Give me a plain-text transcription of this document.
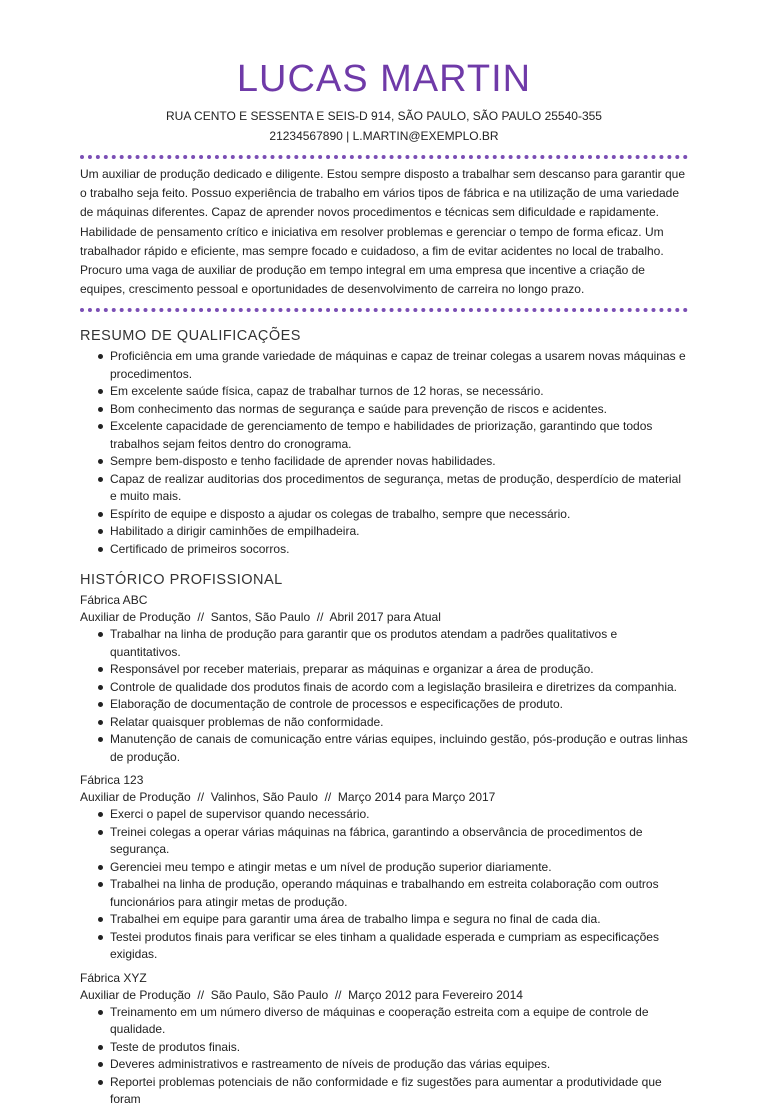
LUCAS MARTIN
RUA CENTO E SESSENTA E SEIS-D 914, SÃO PAULO, SÃO PAULO 25540-355
21234567890 | L.MARTIN@EXEMPLO.BR

Um auxiliar de produção dedicado e diligente. Estou sempre disposto a trabalhar sem descanso para garantir que o trabalho seja feito. Possuo experiência de trabalho em vários tipos de fábrica e na utilização de uma variedade de máquinas diferentes. Capaz de aprender novos procedimentos e técnicas sem dificuldade e rapidamente. Habilidade de pensamento crítico e iniciativa em resolver problemas e gerenciar o tempo de forma eficaz. Um trabalhador rápido e eficiente, mas sempre focado e cuidadoso, a fim de evitar acidentes no local de trabalho. Procuro uma vaga de auxiliar de produção em tempo integral em uma empresa que incentive a criação de equipes, crescimento pessoal e oportunidades de desenvolvimento de carreira no longo prazo.

RESUMO DE QUALIFICAÇÕES
Proficiência em uma grande variedade de máquinas e capaz de treinar colegas a usarem novas máquinas e procedimentos.
Em excelente saúde física, capaz de trabalhar turnos de 12 horas, se necessário.
Bom conhecimento das normas de segurança e saúde para prevenção de riscos e acidentes.
Excelente capacidade de gerenciamento de tempo e habilidades de priorização, garantindo que todos trabalhos sejam feitos dentro do cronograma.
Sempre bem-disposto e tenho facilidade de aprender novas habilidades.
Capaz de realizar auditorias dos procedimentos de segurança, metas de produção, desperdício de material e muito mais.
Espírito de equipe e disposto a ajudar os colegas de trabalho, sempre que necessário.
Habilitado a dirigir caminhões de empilhadeira.
Certificado de primeiros socorros.
HISTÓRICO PROFISSIONAL
Fábrica ABC
Auxiliar de Produção  //  Santos, São Paulo  //  Abril 2017 para Atual
Trabalhar na linha de produção para garantir que os produtos atendam a padrões qualitativos e quantitativos.
Responsável por receber materiais, preparar as máquinas e organizar a área de produção.
Controle de qualidade dos produtos finais de acordo com a legislação brasileira e diretrizes da companhia.
Elaboração de documentação de controle de processos e especificações de produto.
Relatar quaisquer problemas de não conformidade.
Manutenção de canais de comunicação entre várias equipes, incluindo gestão, pós-produção e outras linhas de produção.
Fábrica 123
Auxiliar de Produção  //  Valinhos, São Paulo  //  Março 2014 para Março 2017
Exerci o papel de supervisor quando necessário.
Treinei colegas a operar várias máquinas na fábrica, garantindo a observância de procedimentos de segurança.
Gerenciei meu tempo e atingir metas e um nível de produção superior diariamente.
Trabalhei na linha de produção, operando máquinas e trabalhando em estreita colaboração com outros funcionários para atingir metas de produção.
Trabalhei em equipe para garantir uma área de trabalho limpa e segura no final de cada dia.
Testei produtos finais para verificar se eles tinham a qualidade esperada e cumpriam as especificações exigidas.
Fábrica XYZ
Auxiliar de Produção  //  São Paulo, São Paulo  //  Março 2012 para Fevereiro 2014
Treinamento em um número diverso de máquinas e cooperação estreita com a equipe de controle de qualidade.
Teste de produtos finais.
Deveres administrativos e rastreamento de níveis de produção das várias equipes.
Reportei problemas potenciais de não conformidade e fiz sugestões para aumentar a produtividade que foram
